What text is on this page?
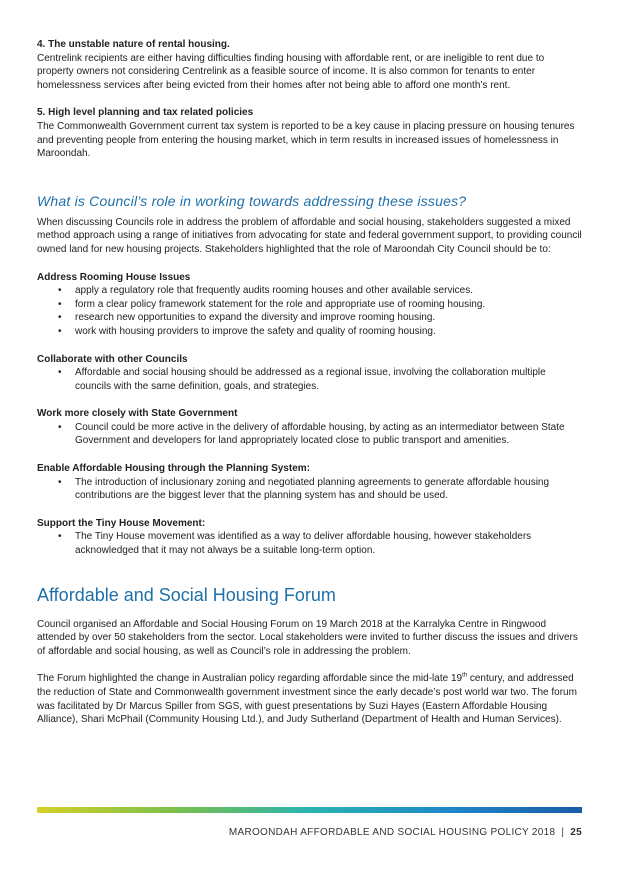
4. The unstable nature of rental housing.

Centrelink recipients are either having difficulties finding housing with affordable rent, or are ineligible to rent due to property owners not considering Centrelink as a feasible source of income. It is also common for tenants to enter homelessness services after being evicted from their homes after not being able to afford one month’s rent.

5. High level planning and tax related policies

The Commonwealth Government current tax system is reported to be a key cause in placing pressure on housing tenures and preventing people from entering the housing market, which in term results in increased issues of homelessness in Maroondah.

What is Council’s role in working towards addressing these issues?

When discussing Councils role in address the problem of affordable and social housing, stakeholders suggested a mixed method approach using a range of initiatives from advocating for state and federal government support, to providing council owned land for new housing projects. Stakeholders highlighted that the role of Maroondah City Council should be to:

Address Rooming House Issues

• apply a regulatory role that frequently audits rooming houses and other available services.
• form a clear policy framework statement for the role and appropriate use of rooming housing.
• research new opportunities to expand the diversity and improve rooming housing.
• work with housing providers to improve the safety and quality of rooming housing.

Collaborate with other Councils

• Affordable and social housing should be addressed as a regional issue, involving the collaboration multiple councils with the same definition, goals, and strategies.

Work more closely with State Government

• Council could be more active in the delivery of affordable housing, by acting as an intermediator between State Government and developers for land appropriately located close to public transport and amenities.

Enable Affordable Housing through the Planning System:

• The introduction of inclusionary zoning and negotiated planning agreements to generate affordable housing contributions are the biggest lever that the planning system has and should be used.

Support the Tiny House Movement:

• The Tiny House movement was identified as a way to deliver affordable housing, however stakeholders acknowledged that it may not always be a suitable long-term option.
Affordable and Social Housing Forum

Council organised an Affordable and Social Housing Forum on 19 March 2018 at the Karralyka Centre in Ringwood attended by over 50 stakeholders from the sector. Local stakeholders were invited to further discuss the issues and drivers of affordable and social housing, as well as Council’s role in addressing the problem.

The Forum highlighted the change in Australian policy regarding affordable since the mid-late 19th century, and addressed the reduction of State and Commonwealth government investment since the early decade’s post world war two. The forum was facilitated by Dr Marcus Spiller from SGS, with guest presentations by Suzi Hayes (Eastern Affordable Housing Alliance), Shari McPhail (Community Housing Ltd.), and Judy Sutherland (Department of Health and Human Services).

MAROONDAH AFFORDABLE AND SOCIAL HOUSING POLICY 2018 | 25
